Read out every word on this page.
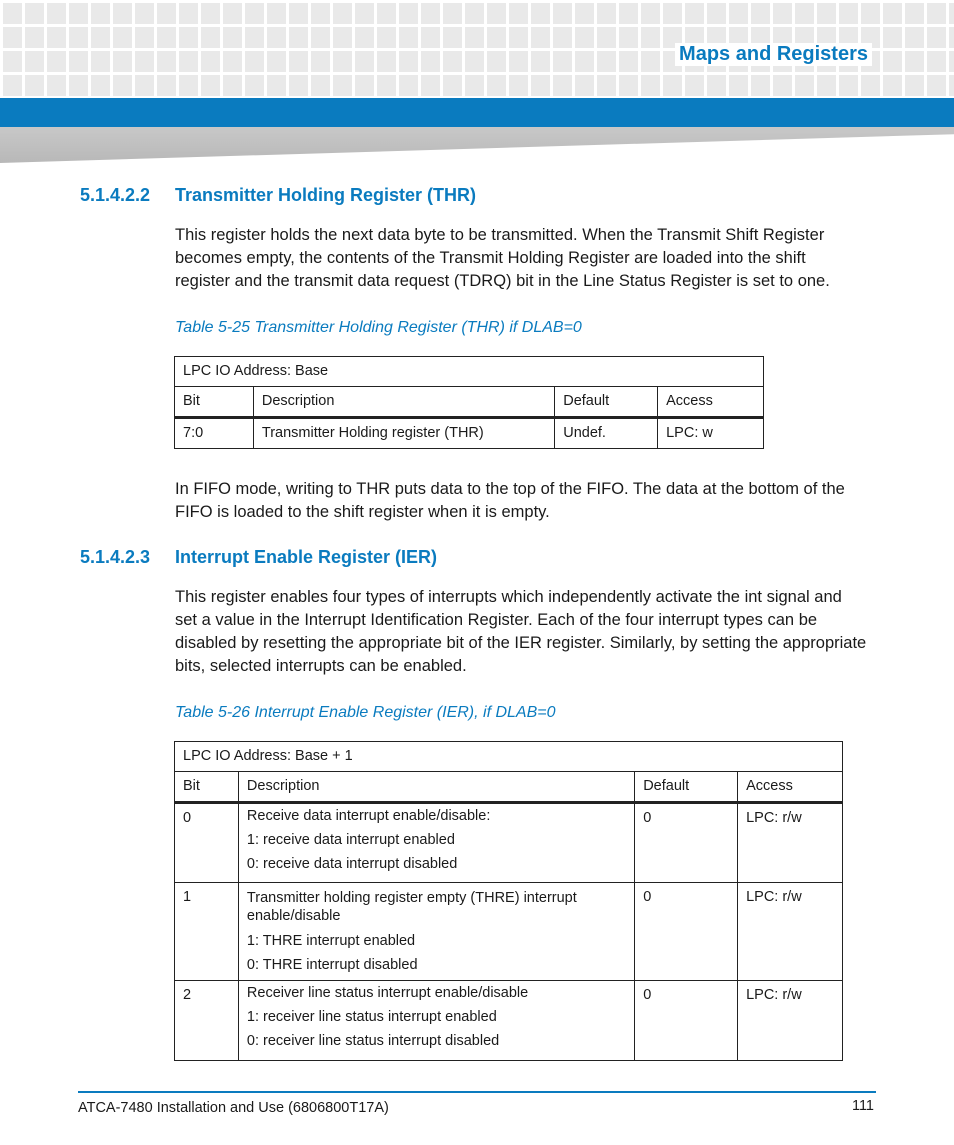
Maps and Registers
5.1.4.2.2 Transmitter Holding Register (THR)
This register holds the next data byte to be transmitted. When the Transmit Shift Register
becomes empty, the contents of the Transmit Holding Register are loaded into the shift
register and the transmit data request (TDRQ) bit in the Line Status Register is set to one.
Table 5-25 Transmitter Holding Register (THR) if DLAB=0
LPC IO Address: Base			
Bit	Description	Default	Access
7:0	Transmitter Holding register (THR)	Undef.	LPC: w
In FIFO mode, writing to THR puts data to the top of the FIFO. The data at the bottom of the
FIFO is loaded to the shift register when it is empty.
5.1.4.2.3 Interrupt Enable Register (IER)
This register enables four types of interrupts which independently activate the int signal and
set a value in the Interrupt Identification Register. Each of the four interrupt types can be
disabled by resetting the appropriate bit of the IER register. Similarly, by setting the appropriate
bits, selected interrupts can be enabled.
Table 5-26 Interrupt Enable Register (IER), if DLAB=0
LPC IO Address: Base + 1			
Bit	Description	Default	Access
0	Receive data interrupt enable/disable:
1: receive data interrupt enabled
0: receive data interrupt disabled	0	LPC: r/w
1	Transmitter holding register empty (THRE) interrupt enable/disable
1: THRE interrupt enabled
0: THRE interrupt disabled	0	LPC: r/w
2	Receiver line status interrupt enable/disable
1: receiver line status interrupt enabled
0: receiver line status interrupt disabled	0	LPC: r/w
ATCA-7480 Installation and Use (6806800T17A)	111
